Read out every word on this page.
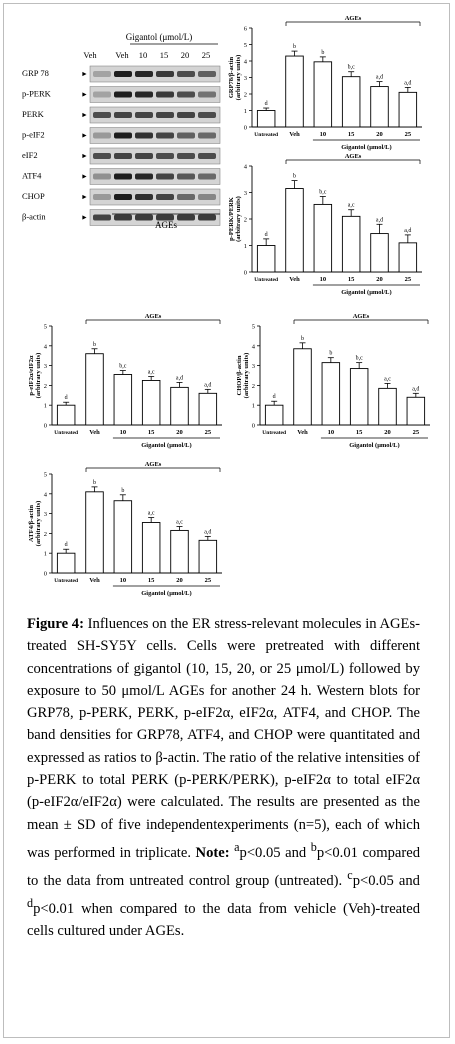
Gigantol (μmol/L)
Veh Veh 10 15 20 25
GRP 78	►
p-PERK	►
PERK	►
p-eIF2	►
eIF2	►
ATF4	►
CHOP	►
β-actin	►
AGEs
0
1
2
3
4
5
6
GRP78/β-actin(arbitrary units)
AGEs
d
Untreated
b
Veh
b
10
b,c
15
a,d
20
a,d
25
Gigantol (μmol/L)
0
1
2
3
4
p-PERK/PERK(arbitrary units)
AGEs
d
Untreated
b
Veh
b,c
10
a,c
15
a,d
20
a,d
25
Gigantol (μmol/L)
0
1
2
3
4
5
p-eIF2α/eIF2α(arbitrary units)
AGEs
d
Untreated
b
Veh
b,c
10
a,c
15
a,d
20
a,d
25
Gigantol (μmol/L)
0
1
2
3
4
5
CHOP/β-actin(arbitrary units)
AGEs
d
Untreated
b
Veh
b
10
b,c
15
a,c
20
a,d
25
Gigantol (μmol/L)
0
1
2
3
4
5
ATF4/β-actin(arbitrary units)
AGEs
d
Untreated
b
Veh
b
10
a,c
15
a,c
20
a,d
25
Gigantol (μmol/L)
Figure 4: Influences on the ER stress-relevant molecules in AGEs-treated SH-SY5Y cells. Cells were pretreated with different concentrations of gigantol (10, 15, 20, or 25 μmol/L) followed by exposure to 50 μmol/L AGEs for another 24 h. Western blots for GRP78, p-PERK, PERK, p-eIF2α, eIF2α, ATF4, and CHOP. The band densities for GRP78, ATF4, and CHOP were quantitated and expressed as ratios to β-actin. The ratio of the relative intensities of p-PERK to total PERK (p-PERK/PERK), p-eIF2α to total eIF2α (p-eIF2α/eIF2α) were calculated. The results are presented as the mean ± SD of five independentexperiments (n=5), each of which was performed in triplicate. Note: $^a$p<0.05 and $^b$p<0.01 compared to the data from untreated control group (untreated). $^c$p<0.05 and $^d$p<0.01 when compared to the data from vehicle (Veh)-treated cells cultured under AGEs.
